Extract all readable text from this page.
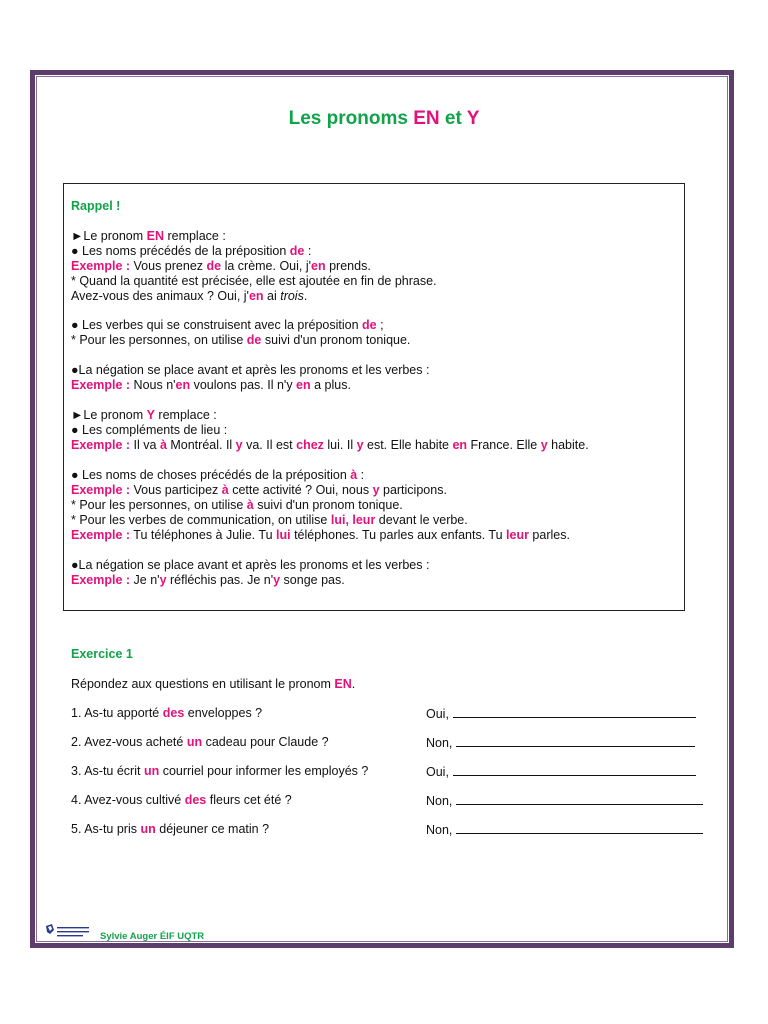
Les pronoms EN et Y
Rappel !
►Le pronom EN remplace :
● Les noms précédés de la préposition de :
Exemple : Vous prenez de la crème. Oui, j'en prends.
* Quand la quantité est précisée, elle est ajoutée en fin de phrase.
Avez-vous des animaux ? Oui, j'en ai trois.
● Les verbes qui se construisent avec la préposition de ;
* Pour les personnes, on utilise de suivi d'un pronom tonique.
●La négation se place avant et après les pronoms et les verbes :
Exemple : Nous n'en voulons pas. Il n'y en a plus.
►Le pronom Y remplace :
● Les compléments de lieu :
Exemple : Il va à Montréal. Il y va. Il est chez lui. Il y est. Elle habite en France. Elle y habite.
● Les noms de choses précédés de la préposition à :
Exemple : Vous participez à cette activité ? Oui, nous y participons.
* Pour les personnes, on utilise à suivi d'un pronom tonique.
* Pour les verbes de communication, on utilise lui, leur devant le verbe.
Exemple : Tu téléphones à Julie. Tu lui téléphones. Tu parles aux enfants. Tu leur parles.
●La négation se place avant et après les pronoms et les verbes :
Exemple : Je n'y réfléchis pas. Je n'y songe pas.
Exercice 1
Répondez aux questions en utilisant le pronom EN.
1. As-tu apporté des enveloppes ?	Oui,
2. Avez-vous acheté un cadeau pour Claude ?	Non,
3. As-tu écrit un courriel pour informer les employés ?	Oui,
4. Avez-vous cultivé des fleurs cet été ?	Non,
5. As-tu pris un déjeuner ce matin ?	Non,
Sylvie Auger ÉIF UQTR
